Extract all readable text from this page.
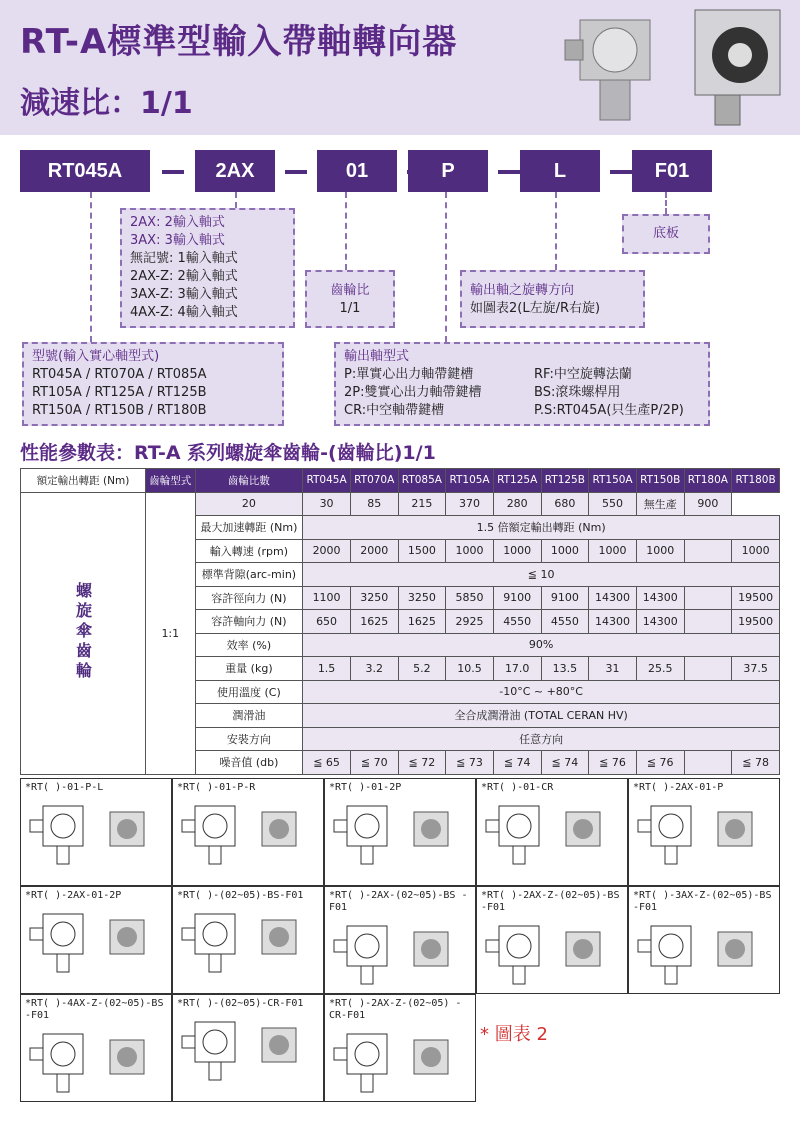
RT-A標準型輸入帶軸轉向器
減速比：1/1
RT045A	2AX	01	P	L	F01
2AX: 2輸入軸式
3AX: 3輸入軸式
無記號: 1輸入軸式
2AX-Z: 2輸入軸式
3AX-Z: 3輸入軸式
4AX-Z: 4輸入軸式
齒輪比
1/1
輸出軸之旋轉方向
如圖表2(L左旋/R右旋)
底板
型號(輸入實心軸型式)
RT045A / RT070A / RT085A
RT105A / RT125A / RT125B
RT150A / RT150B / RT180B
輸出軸型式
P:單實心出力軸帶鍵槽
2P:雙實心出力軸帶鍵槽
CR:中空軸帶鍵槽
RF:中空旋轉法蘭
BS:滾珠螺桿用
P.S:RT045A(只生產P/2P)
性能參數表：RT-A 系列螺旋傘齒輪-(齒輪比)1/1
額定輸出轉距 (Nm)	齒輪型式	齒輪比數	RT045A	RT070A	RT085A	RT105A	RT125A	RT125B	RT150A	RT150B	RT180A	RT180B
螺旋傘齒輪	1:1	20	30	85	215	370	280	680	550	無生產	900	
		最大加速轉距 (Nm)	1.5 倍額定輸出轉距 (Nm)									
		輸入轉速 (rpm)	2000	2000	1500	1000	1000	1000	1000	1000		1000
		標準背隙(arc-min)	≦ 10									
		容許徑向力 (N)	1100	3250	3250	5850	9100	9100	14300	14300		19500
		容許軸向力 (N)	650	1625	1625	2925	4550	4550	14300	14300		19500
		效率 (%)	90%									
		重量 (kg)	1.5	3.2	5.2	10.5	17.0	13.5	31	25.5		37.5
		使用溫度 (C)	-10°C ~ +80°C									
		潤滑油	全合成潤滑油 (TOTAL CERAN HV)									
		安裝方向	任意方向									
		噪音值 (db)	≦ 65	≦ 70	≦ 72	≦ 73	≦ 74	≦ 74	≦ 76	≦ 76		≦ 78
*RT( )-01-P-L	*RT( )-01-P-R	*RT( )-01-2P	*RT( )-01-CR	*RT( )-2AX-01-P
*RT( )-2AX-01-2P	*RT( )-(02~05)-BS-F01	*RT( )-2AX-(02~05)-BS -F01
*RT( )-2AX-Z-(02~05)-BS -F01
*RT( )-3AX-Z-(02~05)-BS -F01
*RT( )-4AX-Z-(02~05)-BS -F01
*RT( )-(02~05)-CR-F01	*RT( )-2AX-Z-(02~05) -CR-F01
* 圖表 2
